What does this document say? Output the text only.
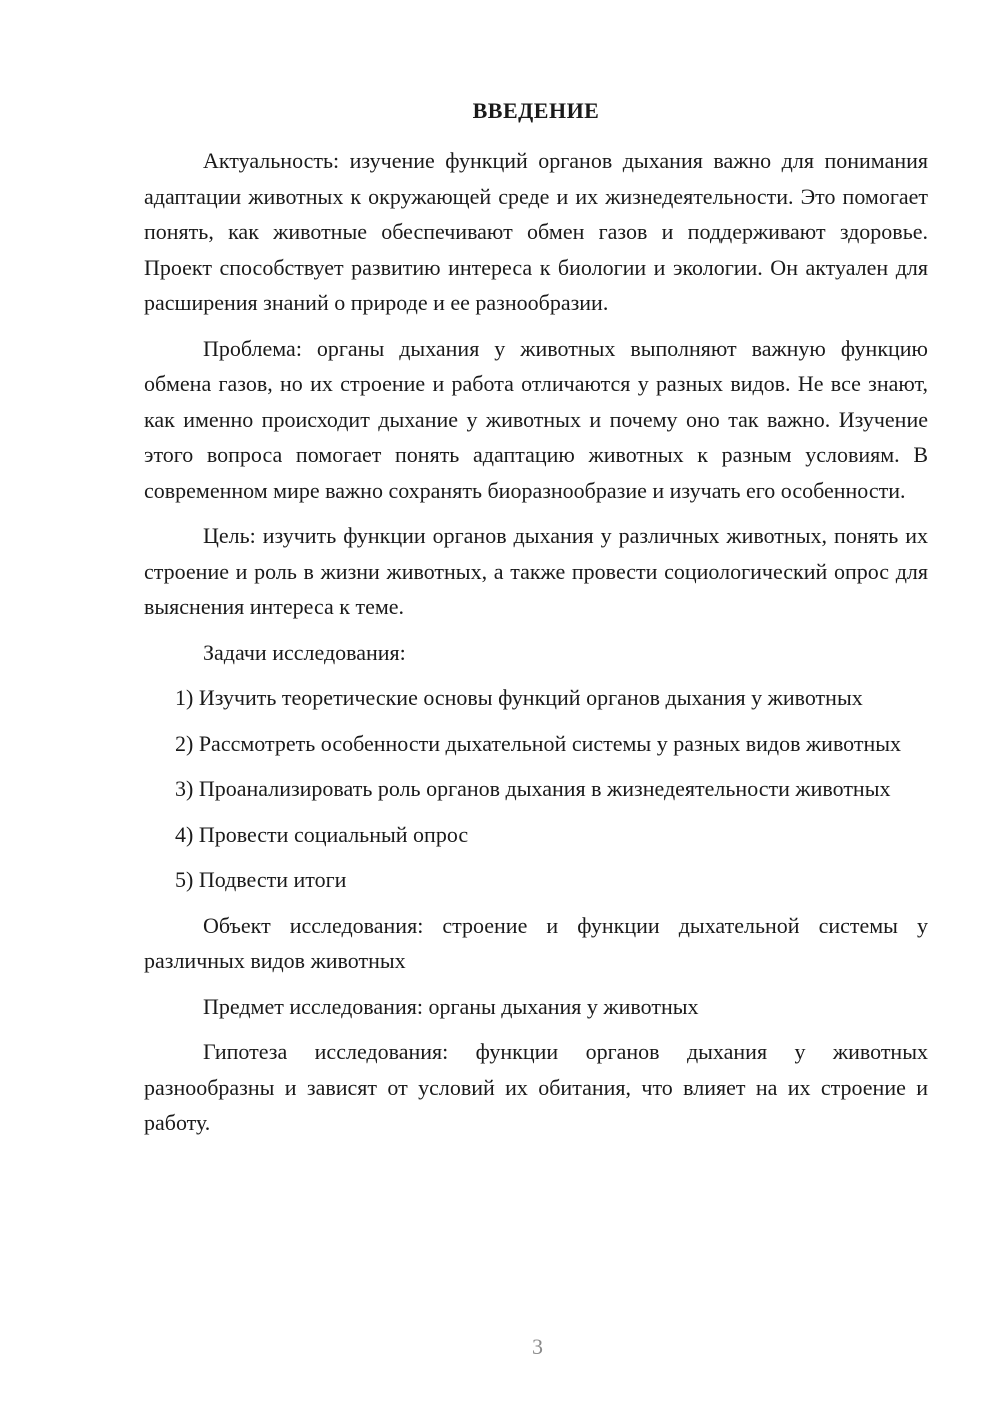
ВВЕДЕНИЕ

Актуальность: изучение функций органов дыхания важно для понимания адаптации животных к окружающей среде и их жизнедеятельности. Это помогает понять, как животные обеспечивают обмен газов и поддерживают здоровье. Проект способствует развитию интереса к биологии и экологии. Он актуален для расширения знаний о природе и ее разнообразии.

Проблема: органы дыхания у животных выполняют важную функцию обмена газов, но их строение и работа отличаются у разных видов. Не все знают, как именно происходит дыхание у животных и почему оно так важно. Изучение этого вопроса помогает понять адаптацию животных к разным условиям. В современном мире важно сохранять биоразнообразие и изучать его особенности.

Цель: изучить функции органов дыхания у различных животных, понять их строение и роль в жизни животных, а также провести социологический опрос для выяснения интереса к теме.

Задачи исследования:

1) Изучить теоретические основы функций органов дыхания у животных

2) Рассмотреть особенности дыхательной системы у разных видов животных

3) Проанализировать роль органов дыхания в жизнедеятельности животных

4) Провести социальный опрос

5) Подвести итоги

Объект исследования: строение и функции дыхательной системы у различных видов животных

Предмет исследования: органы дыхания у животных

Гипотеза исследования: функции органов дыхания у животных разнообразны и зависят от условий их обитания, что влияет на их строение и работу.

3
